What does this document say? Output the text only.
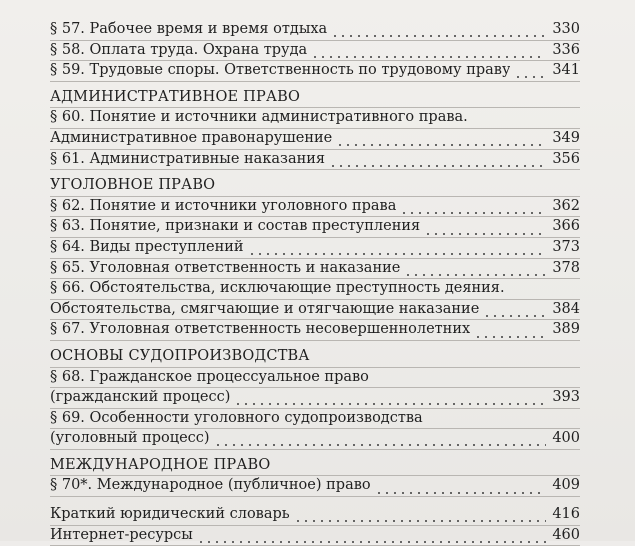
§ 57. Рабочее время и время отдыха	330
§ 58. Оплата труда. Охрана труда	336
§ 59. Трудовые споры. Ответственность по трудовому праву	341
АДМИНИСТРАТИВНОЕ ПРАВО
§ 60. Понятие и источники административного права.
Административное правонарушение	349
§ 61. Административные наказания	356
УГОЛОВНОЕ ПРАВО
§ 62. Понятие и источники уголовного права	362
§ 63. Понятие, признаки и состав преступления	366
§ 64. Виды преступлений	373
§ 65. Уголовная ответственность и наказание	378
§ 66. Обстоятельства, исключающие преступность деяния.
Обстоятельства, смягчающие и отягчающие наказание	384
§ 67. Уголовная ответственность несовершеннолетних	389
ОСНОВЫ СУДОПРОИЗВОДСТВА
§ 68. Гражданское процессуальное право
(гражданский процесс)	393
§ 69. Особенности уголовного судопроизводства
(уголовный процесс)	400
МЕЖДУНАРОДНОЕ ПРАВО
§ 70*. Международное (публичное) право	409
Краткий юридический словарь	416
Интернет-ресурсы	460
